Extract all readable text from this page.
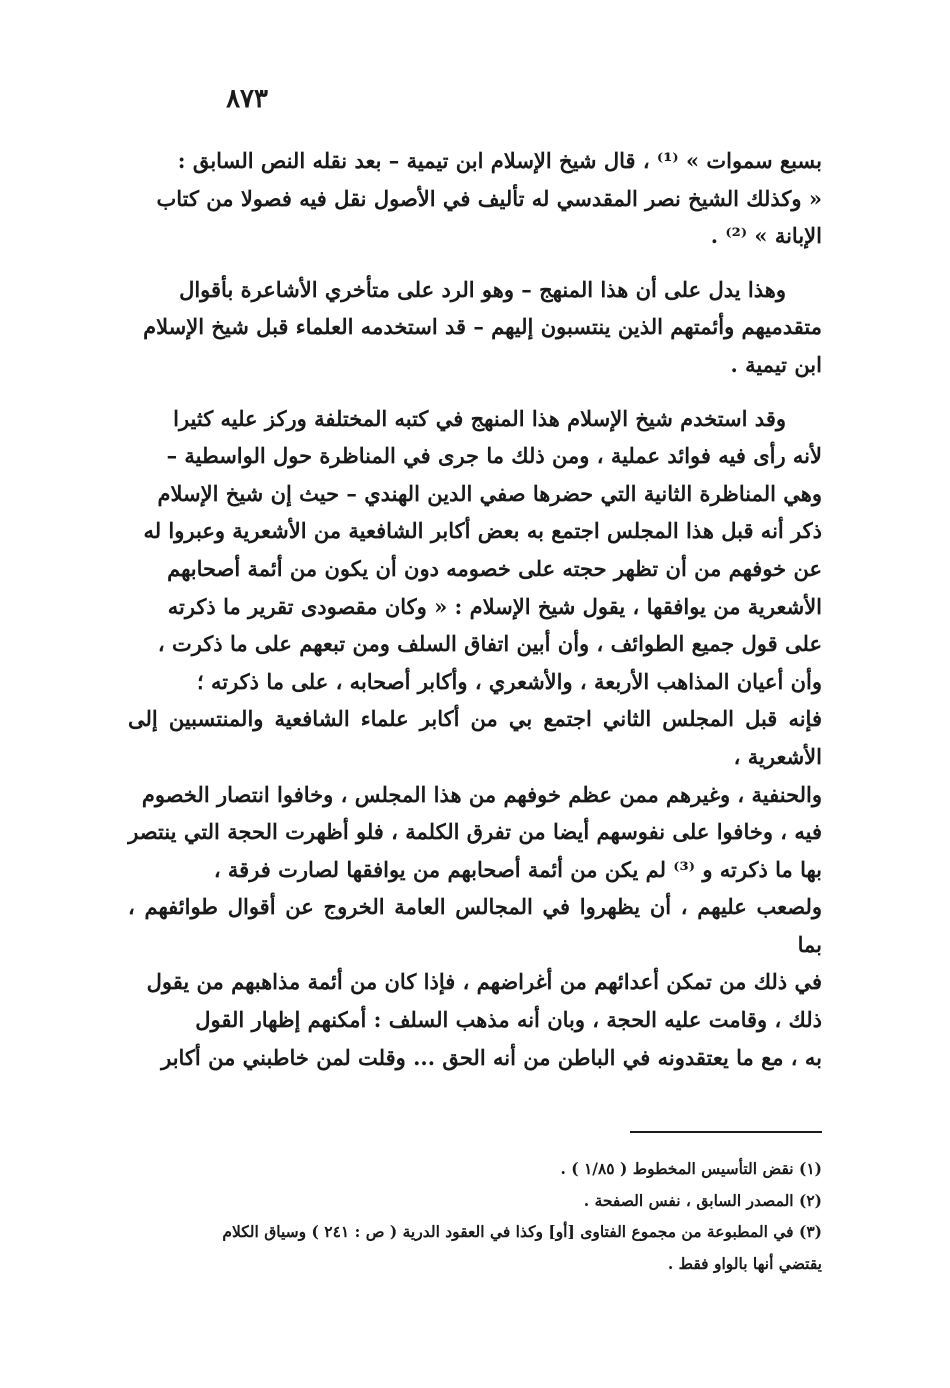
٨٧٣

بسبع سموات » ⁽¹⁾ ، قال شيخ الإسلام ابن تيمية – بعد نقله النص السابق :
« وكذلك الشيخ نصر المقدسي له تأليف في الأصول نقل فيه فصولا من كتاب
الإبانة » ⁽²⁾ .

وهذا يدل على أن هذا المنهج – وهو الرد على متأخري الأشاعرة بأقوال
متقدميهم وأئمتهم الذين ينتسبون إليهم – قد استخدمه العلماء قبل شيخ الإسلام
ابن تيمية .

وقد استخدم شيخ الإسلام هذا المنهج في كتبه المختلفة وركز عليه كثيرا
لأنه رأى فيه فوائد عملية ، ومن ذلك ما جرى في المناظرة حول الواسطية –
وهي المناظرة الثانية التي حضرها صفي الدين الهندي – حيث إن شيخ الإسلام
ذكر أنه قبل هذا المجلس اجتمع به بعض أكابر الشافعية من الأشعرية وعبروا له
عن خوفهم من أن تظهر حجته على خصومه دون أن يكون من أئمة أصحابهم
الأشعرية من يوافقها ، يقول شيخ الإسلام : « وكان مقصودى تقرير ما ذكرته
على قول جميع الطوائف ، وأن أبين اتفاق السلف ومن تبعهم على ما ذكرت ،
وأن أعيان المذاهب الأربعة ، والأشعري ، وأكابر أصحابه ، على ما ذكرته ؛
فإنه قبل المجلس الثاني اجتمع بي من أكابر علماء الشافعية والمنتسبين إلى الأشعرية ،
والحنفية ، وغيرهم ممن عظم خوفهم من هذا المجلس ، وخافوا انتصار الخصوم
فيه ، وخافوا على نفوسهم أيضا من تفرق الكلمة ، فلو أظهرت الحجة التي ينتصر
بها ما ذكرته و ⁽³⁾ لم يكن من أئمة أصحابهم من يوافقها لصارت فرقة ،
ولصعب عليهم ، أن يظهروا في المجالس العامة الخروج عن أقوال طوائفهم ، بما
في ذلك من تمكن أعدائهم من أغراضهم ، فإذا كان من أئمة مذاهبهم من يقول
ذلك ، وقامت عليه الحجة ، وبان أنه مذهب السلف : أمكنهم إظهار القول
به ، مع ما يعتقدونه في الباطن من أنه الحق ... وقلت لمن خاطبني من أكابر

(١) نقض التأسيس المخطوط ( ١/٨٥ ) .

(٢) المصدر السابق ، نفس الصفحة .

(٣) في المطبوعة من مجموع الفتاوى [أو] وكذا في العقود الدرية ( ص : ٢٤١ ) وسياق الكلام

يقتضي أنها بالواو فقط .
